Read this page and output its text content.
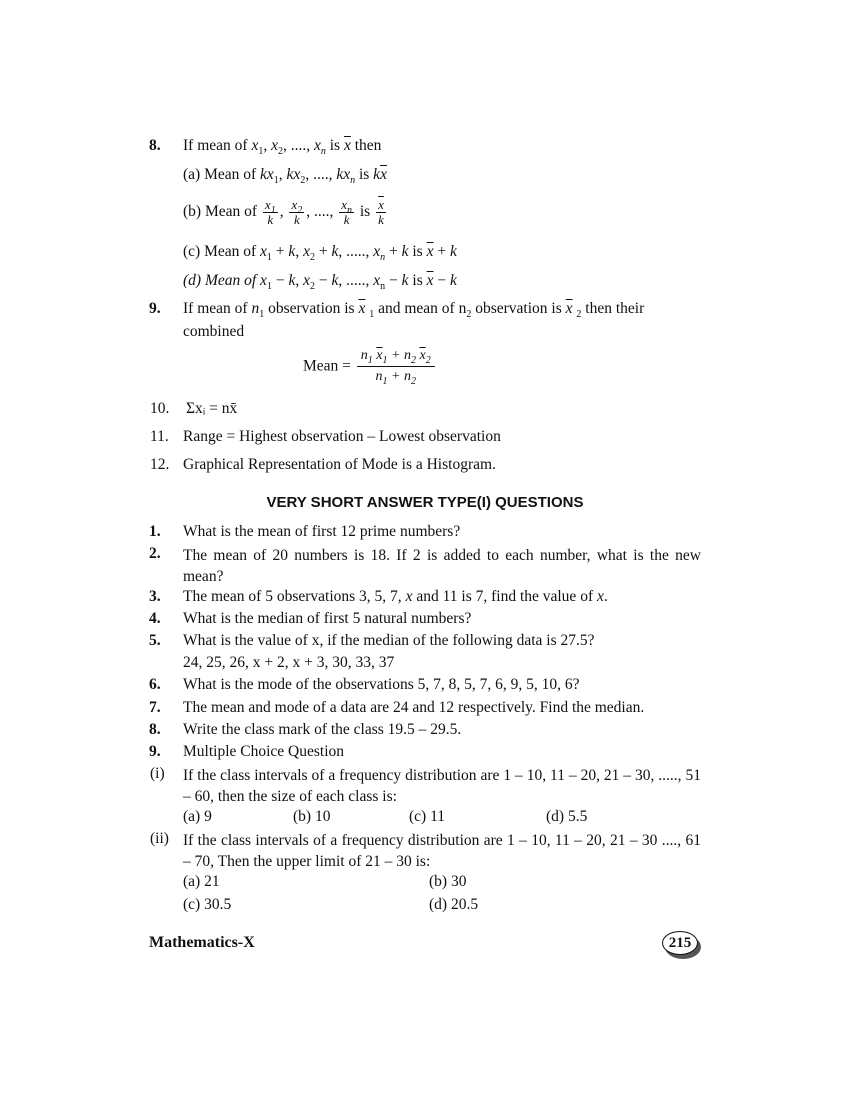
8.	If mean of $x_1$, $x_2$, ...., $x_n$ is $\overline{x}$ then
(a) Mean of $kx_1$, $kx_2$, ...., $kx_n$ is $k\overline{x}$
(b) Mean of $\frac{x_1}{k}$ , $\frac{x_2}{k}$ , ...., $\frac{x_n}{k}$ is $\frac{\overline{x}}{k}$
(c) Mean of $x_1 + k$, $x_2 + k$, ....., $x_n + k$ is $\overline{x} + k$
(d) Mean of $x_1 - k$, $x_2 - k$, ....., $x_n - k$ is $\overline{x} - k$
9.	If mean of $n_1$ observation is $\overline{x}$ $_1$ and mean of $n_2$ observation is $\overline{x}$ $_2$ then their
combined
Mean = $\frac{n_1 \overline{x}_1 + n_2 \overline{x}_2}{n_1 + n_2}$
10.	Σxᵢ = nx̄
11. Range = Highest observation – Lowest observation
12. Graphical Representation of Mode is a Histogram.
VERY SHORT ANSWER TYPE(I) QUESTIONS
1.	What is the mean of first 12 prime numbers?
2.	The mean of 20 numbers is 18. If 2 is added to each number, what is the new mean?
3.	The mean of 5 observations 3, 5, 7, x and 11 is 7, find the value of x.
4.	What is the median of first 5 natural numbers?
5.	What is the value of x, if the median of the following data is 27.5?
24, 25, 26, x + 2, x + 3, 30, 33, 37
6.	What is the mode of the observations 5, 7, 8, 5, 7, 6, 9, 5, 10, 6?
7.	The mean and mode of a data are 24 and 12 respectively. Find the median.
8.	Write the class mark of the class 19.5 – 29.5.
9.	Multiple Choice Question
(i)	If the class intervals of a frequency distribution are 1 – 10, 11 – 20, 21 – 30, ....., 51 – 60, then the size of each class is:
(a) 9	(b) 10	(c) 11	(d) 5.5
(ii) If the class intervals of a frequency distribution are 1 – 10, 11 – 20, 21 – 30 ...., 61 – 70, Then the upper limit of 21 – 30 is:
(a) 21	(b) 30
(c) 30.5	(d) 20.5
Mathematics-X	215
